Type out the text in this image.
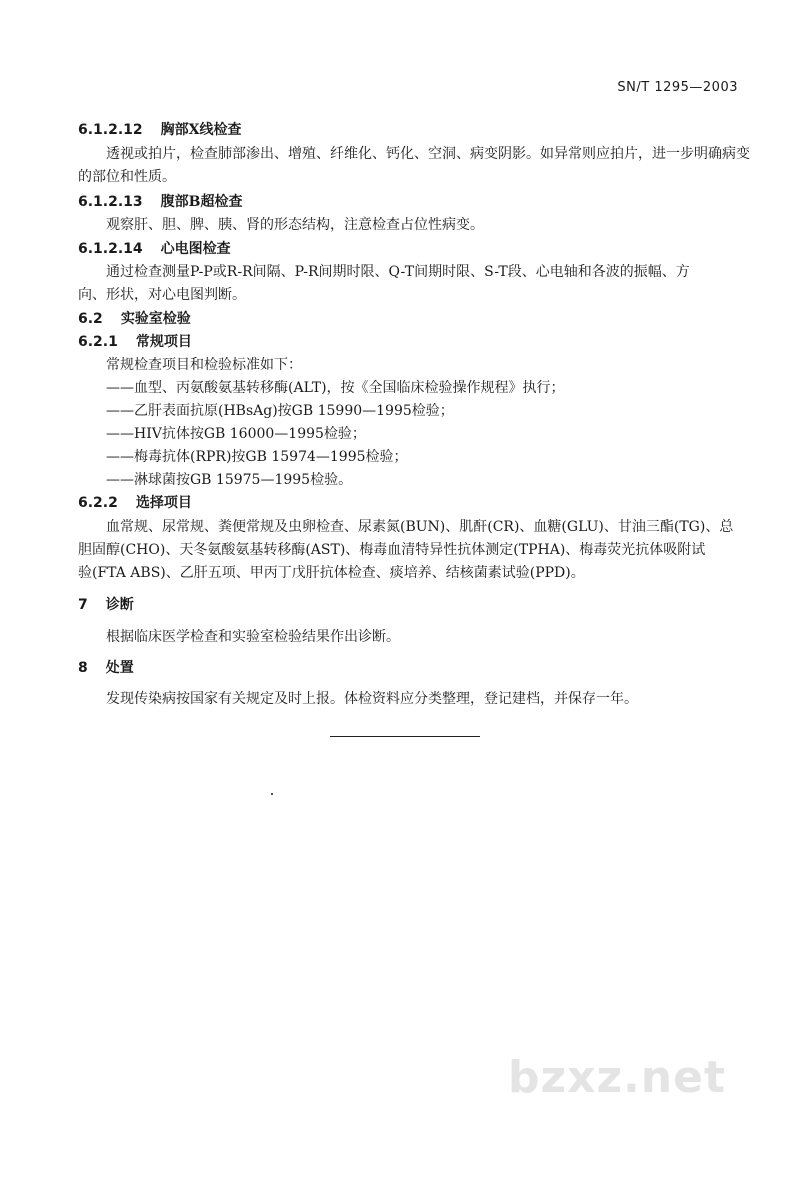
SN/T 1295—2003
6.1.2.12 胸部X线检查
透视或拍片，检查肺部渗出、增殖、纤维化、钙化、空洞、病变阴影。如异常则应拍片，进一步明确病变
的部位和性质。
6.1.2.13 腹部B超检查
观察肝、胆、脾、胰、肾的形态结构，注意检查占位性病变。
6.1.2.14 心电图检查
通过检查测量P-P或R-R间隔、P-R间期时限、Q-T间期时限、S-T段、心电轴和各波的振幅、方
向、形状，对心电图判断。
6.2 实验室检验
6.2.1 常规项目
常规检查项目和检验标准如下：
——血型、丙氨酸氨基转移酶(ALT)，按《全国临床检验操作规程》执行；
——乙肝表面抗原(HBsAg)按GB 15990—1995检验；
——HIV抗体按GB 16000—1995检验；
——梅毒抗体(RPR)按GB 15974—1995检验；
——淋球菌按GB 15975—1995检验。
6.2.2 选择项目
血常规、尿常规、粪便常规及虫卵检查、尿素氮(BUN)、肌酐(CR)、血糖(GLU)、甘油三酯(TG)、总
胆固醇(CHO)、天冬氨酸氨基转移酶(AST)、梅毒血清特异性抗体测定(TPHA)、梅毒荧光抗体吸附试
验(FTA ABS)、乙肝五项、甲丙丁戊肝抗体检查、痰培养、结核菌素试验(PPD)。
7 诊断
根据临床医学检查和实验室检验结果作出诊断。
8 处置
发现传染病按国家有关规定及时上报。体检资料应分类整理，登记建档，并保存一年。
bzxz.net
